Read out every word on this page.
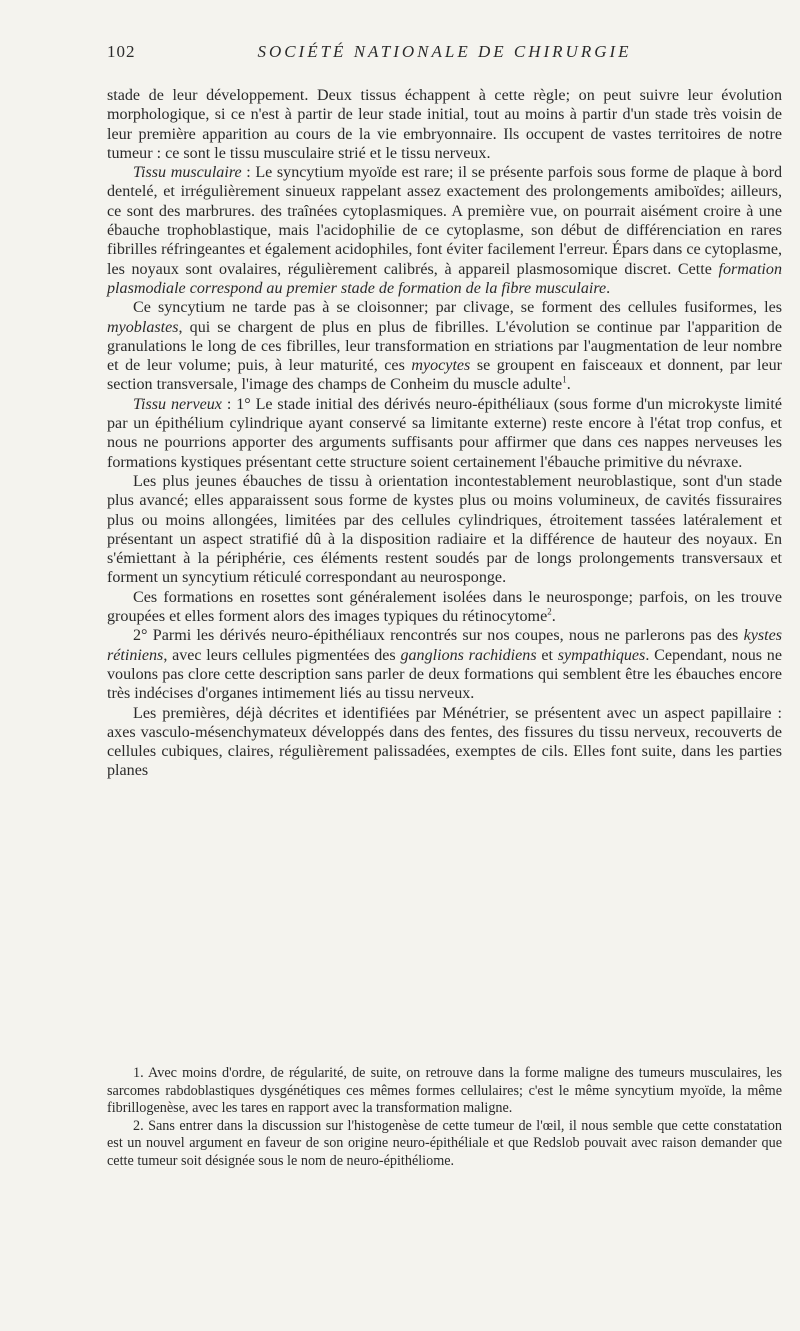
102	SOCIÉTÉ NATIONALE DE CHIRURGIE

stade de leur développement. Deux tissus échappent à cette règle; on peut suivre leur évolution morphologique, si ce n'est à partir de leur stade initial, tout au moins à partir d'un stade très voisin de leur première apparition au cours de la vie embryonnaire. Ils occupent de vastes territoires de notre tumeur : ce sont le tissu musculaire strié et le tissu nerveux.

Tissu musculaire : Le syncytium myoïde est rare; il se présente parfois sous forme de plaque à bord dentelé, et irrégulièrement sinueux rappelant assez exactement des prolongements amiboïdes; ailleurs, ce sont des marbrures. des traînées cytoplasmiques. A première vue, on pourrait aisément croire à une ébauche trophoblastique, mais l'acidophilie de ce cytoplasme, son début de différenciation en rares fibrilles réfringeantes et également acidophiles, font éviter facilement l'erreur. Épars dans ce cytoplasme, les noyaux sont ovalaires, régulièrement calibrés, à appareil plasmosomique discret. Cette formation plasmodiale correspond au premier stade de formation de la fibre musculaire.

Ce syncytium ne tarde pas à se cloisonner; par clivage, se forment des cellules fusiformes, les myoblastes, qui se chargent de plus en plus de fibrilles. L'évolution se continue par l'apparition de granulations le long de ces fibrilles, leur transformation en striations par l'augmentation de leur nombre et de leur volume; puis, à leur maturité, ces myocytes se groupent en faisceaux et donnent, par leur section transversale, l'image des champs de Conheim du muscle adulte$^1$.

Tissu nerveux : 1° Le stade initial des dérivés neuro-épithéliaux (sous forme d'un microkyste limité par un épithélium cylindrique ayant conservé sa limitante externe) reste encore à l'état trop confus, et nous ne pourrions apporter des arguments suffisants pour affirmer que dans ces nappes nerveuses les formations kystiques présentant cette structure soient certainement l'ébauche primitive du névraxe.

Les plus jeunes ébauches de tissu à orientation incontestablement neuroblastique, sont d'un stade plus avancé; elles apparaissent sous forme de kystes plus ou moins volumineux, de cavités fissuraires plus ou moins allongées, limitées par des cellules cylindriques, étroitement tassées latéralement et présentant un aspect stratifié dû à la disposition radiaire et la différence de hauteur des noyaux. En s'émiettant à la périphérie, ces éléments restent soudés par de longs prolongements transversaux et forment un syncytium réticulé correspondant au neurosponge.

Ces formations en rosettes sont généralement isolées dans le neurosponge; parfois, on les trouve groupées et elles forment alors des images typiques du rétinocytome$^2$.

2° Parmi les dérivés neuro-épithéliaux rencontrés sur nos coupes, nous ne parlerons pas des kystes rétiniens, avec leurs cellules pigmentées des ganglions rachidiens et sympathiques. Cependant, nous ne voulons pas clore cette description sans parler de deux formations qui semblent être les ébauches encore très indécises d'organes intimement liés au tissu nerveux.

Les premières, déjà décrites et identifiées par Ménétrier, se présentent avec un aspect papillaire : axes vasculo-mésenchymateux développés dans des fentes, des fissures du tissu nerveux, recouverts de cellules cubiques, claires, régulièrement palissadées, exemptes de cils. Elles font suite, dans les parties planes

1. Avec moins d'ordre, de régularité, de suite, on retrouve dans la forme maligne des tumeurs musculaires, les sarcomes rabdoblastiques dysgénétiques ces mêmes formes cellulaires; c'est le même syncytium myoïde, la même fibrillogenèse, avec les tares en rapport avec la transformation maligne.

2. Sans entrer dans la discussion sur l'histogenèse de cette tumeur de l'œil, il nous semble que cette constatation est un nouvel argument en faveur de son origine neuro-épithéliale et que Redslob pouvait avec raison demander que cette tumeur soit désignée sous le nom de neuro-épithéliome.
